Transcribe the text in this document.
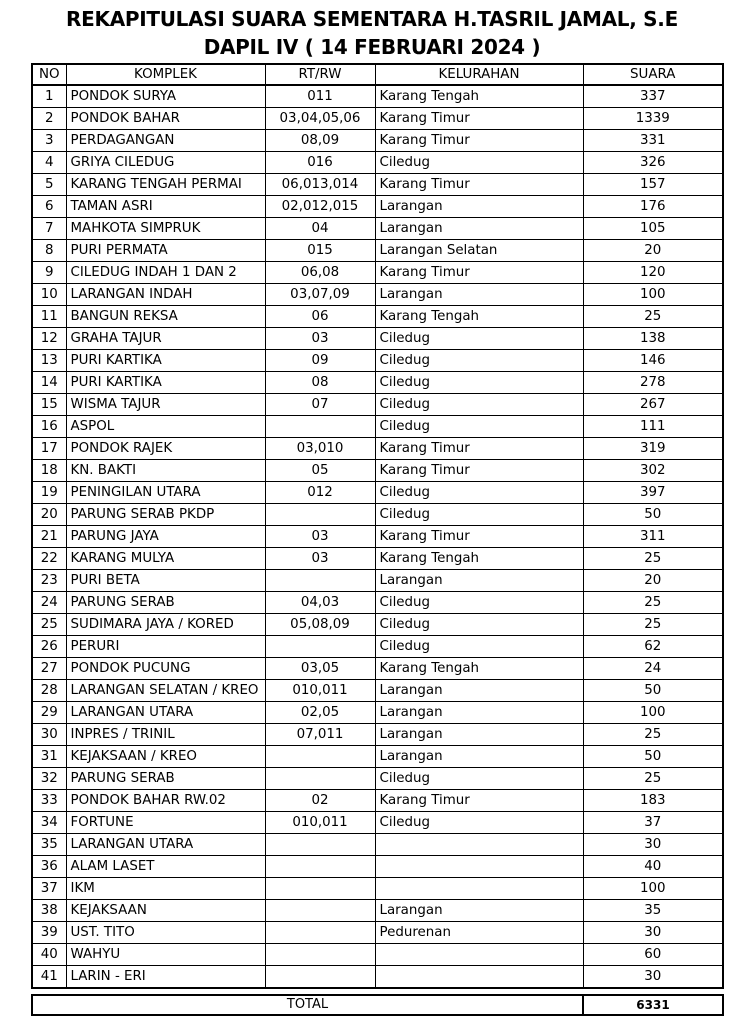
REKAPITULASI SUARA SEMENTARA H.TASRIL JAMAL, S.E
DAPIL IV ( 14 FEBRUARI 2024 )
NO	KOMPLEK	RT/RW	KELURAHAN	SUARA
1	PONDOK SURYA	011	Karang Tengah	337
2	PONDOK BAHAR	03,04,05,06	Karang Timur	1339
3	PERDAGANGAN	08,09	Karang Timur	331
4	GRIYA CILEDUG	016	Ciledug	326
5	KARANG TENGAH PERMAI	06,013,014	Karang Timur	157
6	TAMAN ASRI	02,012,015	Larangan	176
7	MAHKOTA SIMPRUK	04	Larangan	105
8	PURI PERMATA	015	Larangan Selatan	20
9	CILEDUG INDAH 1 DAN 2	06,08	Karang Timur	120
10	LARANGAN INDAH	03,07,09	Larangan	100
11	BANGUN REKSA	06	Karang Tengah	25
12	GRAHA TAJUR	03	Ciledug	138
13	PURI KARTIKA	09	Ciledug	146
14	PURI KARTIKA	08	Ciledug	278
15	WISMA TAJUR	07	Ciledug	267
16	ASPOL		Ciledug	111
17	PONDOK RAJEK	03,010	Karang Timur	319
18	KN. BAKTI	05	Karang Timur	302
19	PENINGILAN UTARA	012	Ciledug	397
20	PARUNG SERAB PKDP		Ciledug	50
21	PARUNG JAYA	03	Karang Timur	311
22	KARANG MULYA	03	Karang Tengah	25
23	PURI BETA		Larangan	20
24	PARUNG SERAB	04,03	Ciledug	25
25	SUDIMARA JAYA / KORED	05,08,09	Ciledug	25
26	PERURI		Ciledug	62
27	PONDOK PUCUNG	03,05	Karang Tengah	24
28	LARANGAN SELATAN / KREO	010,011	Larangan	50
29	LARANGAN UTARA	02,05	Larangan	100
30	INPRES / TRINIL	07,011	Larangan	25
31	KEJAKSAAN / KREO		Larangan	50
32	PARUNG SERAB		Ciledug	25
33	PONDOK BAHAR RW.02	02	Karang Timur	183
34	FORTUNE	010,011	Ciledug	37
35	LARANGAN UTARA			30
36	ALAM LASET			40
37	IKM			100
38	KEJAKSAAN		Larangan	35
39	UST. TITO		Pedurenan	30
40	WAHYU			60
41	LARIN - ERI			30
TOTAL	6331
